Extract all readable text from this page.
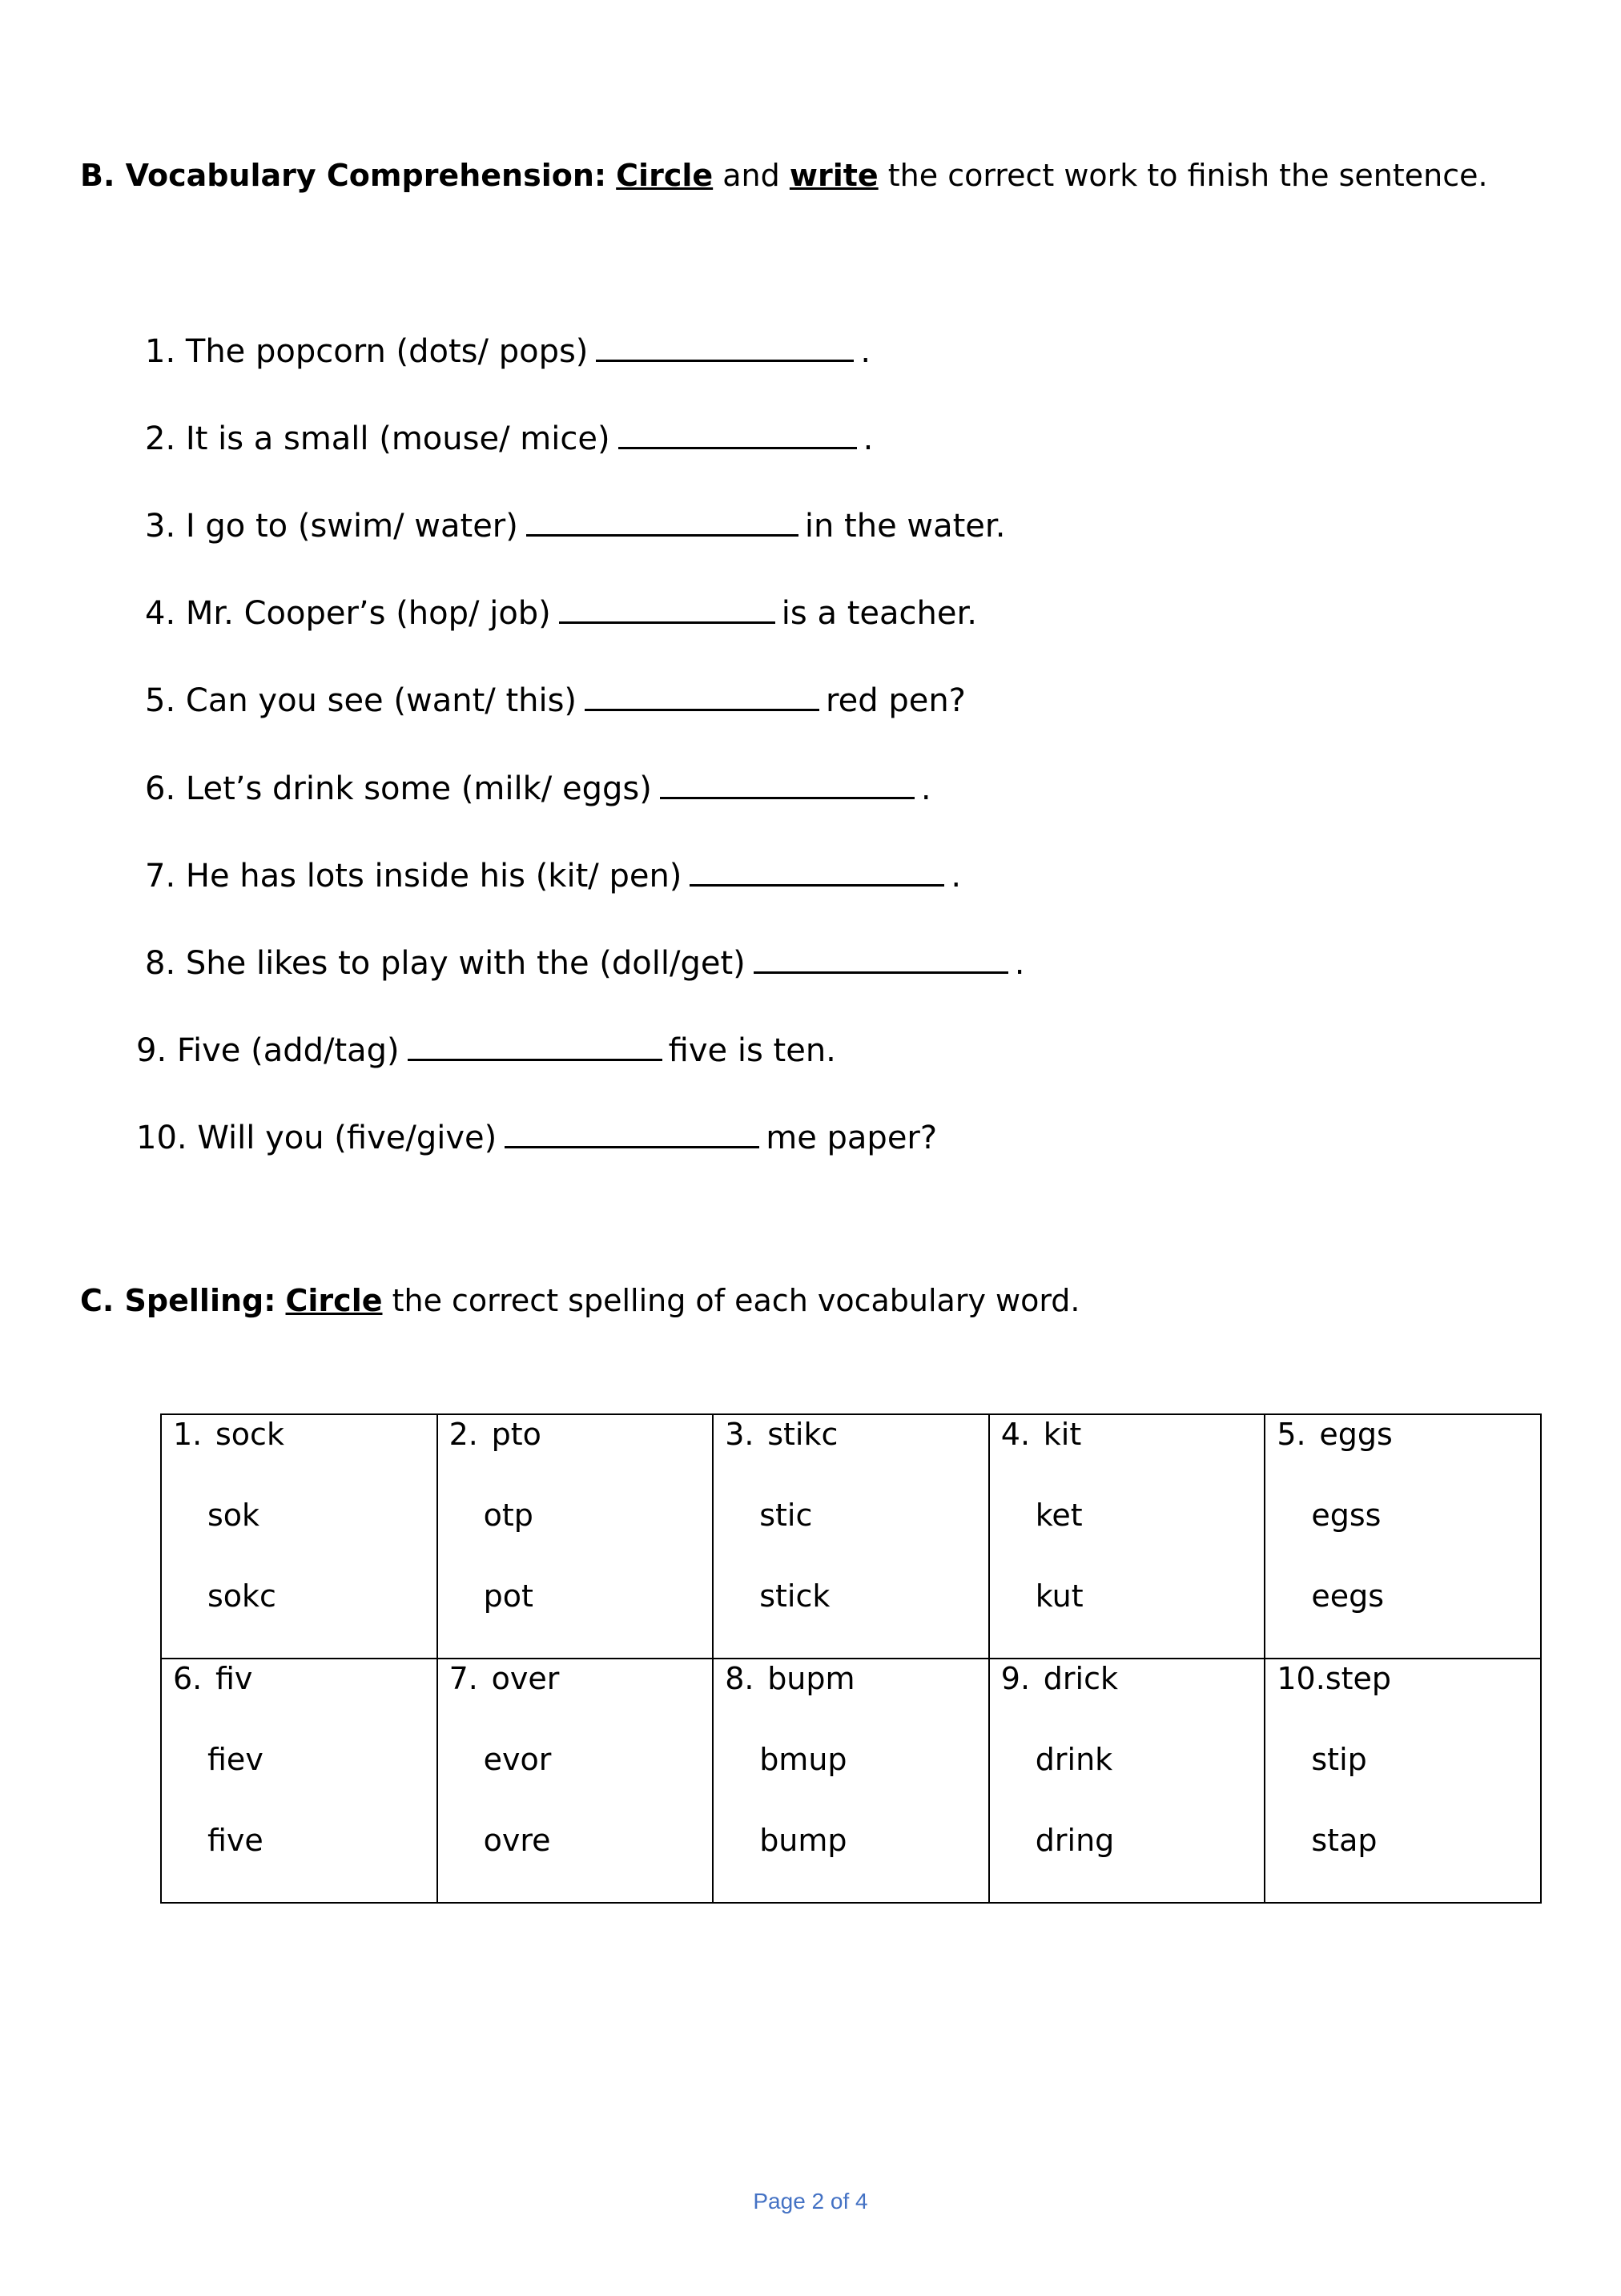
B. Vocabulary Comprehension: Circle and write the correct work to finish the sentence.
1. The popcorn (dots/ pops)	.
2. It is a small (mouse/ mice)	.
3. I go to (swim/ water)	in the water.
4. Mr. Cooper’s (hop/ job)	is a teacher.
5. Can you see (want/ this)	red pen?
6. Let’s drink some (milk/ eggs)	.
7. He has lots inside his (kit/ pen)	.
8. She likes to play with the (doll/get)	.
9. Five (add/tag)	five is ten.
10. Will you (five/give)	me paper?
C. Spelling: Circle the correct spelling of each vocabulary word.
1. sock
sok
sokc	2. pto
otp
pot	3. stikc
stic
stick	4. kit
ket
kut	5. eggs
egss
eegs

6. fiv
fiev
five	7. over
evor
ovre	8. bupm
bmup
bump	9. drick
drink
dring	10.step
stip
stap
Page 2 of 4
